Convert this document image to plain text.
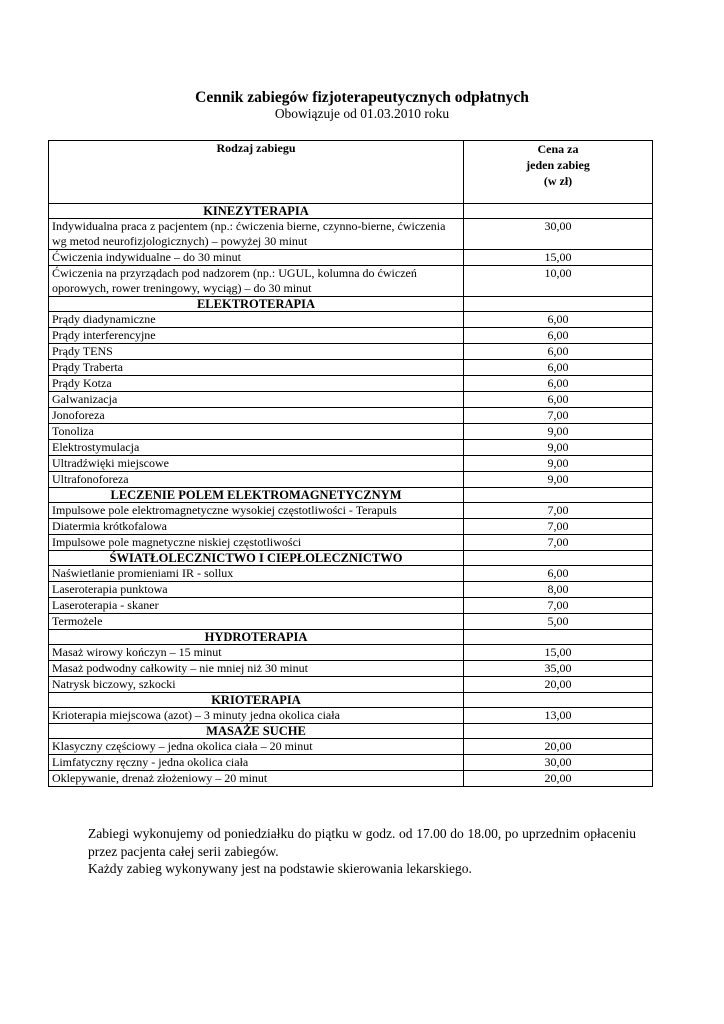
Cennik zabiegów fizjoterapeutycznych odpłatnych
Obowiązuje od 01.03.2010 roku
Rodzaj zabiegu	Cena za
jeden zabieg
(w zł)
KINEZYTERAPIA	
Indywidualna praca z pacjentem (np.: ćwiczenia bierne, czynno-bierne, ćwiczenia wg metod neurofizjologicznych) – powyżej 30 minut	30,00
Ćwiczenia indywidualne – do 30 minut	15,00
Ćwiczenia na przyrządach pod nadzorem (np.: UGUL, kolumna do ćwiczeń oporowych, rower treningowy, wyciąg) – do 30 minut	10,00
ELEKTROTERAPIA	
Prądy diadynamiczne	6,00
Prądy interferencyjne	6,00
Prądy TENS	6,00
Prądy Traberta	6,00
Prądy Kotza	6,00
Galwanizacja	6,00
Jonoforeza	7,00
Tonoliza	9,00
Elektrostymulacja	9,00
Ultradźwięki miejscowe	9,00
Ultrafonoforeza	9,00
LECZENIE POLEM ELEKTROMAGNETYCZNYM	
Impulsowe pole elektromagnetyczne wysokiej częstotliwości - Terapuls	7,00
Diatermia krótkofalowa	7,00
Impulsowe pole magnetyczne niskiej częstotliwości	7,00
ŚWIATŁOLECZNICTWO I CIEPŁOLECZNICTWO	
Naświetlanie promieniami IR - sollux	6,00
Laseroterapia punktowa	8,00
Laseroterapia - skaner	7,00
Termożele	5,00
HYDROTERAPIA	
Masaż wirowy kończyn – 15 minut	15,00
Masaż podwodny całkowity – nie mniej niż 30 minut	35,00
Natrysk biczowy, szkocki	20,00
KRIOTERAPIA	
Krioterapia miejscowa (azot) – 3 minuty jedna okolica ciała	13,00
MASAŻE SUCHE	
Klasyczny częściowy – jedna okolica ciała – 20 minut	20,00
Limfatyczny ręczny - jedna okolica ciała	30,00
Oklepywanie, drenaż złożeniowy – 20 minut	20,00

Zabiegi wykonujemy od poniedziałku do piątku w godz. od 17.00 do 18.00, po uprzednim opłaceniu przez pacjenta całej serii zabiegów.

Każdy zabieg wykonywany jest na podstawie skierowania lekarskiego.
